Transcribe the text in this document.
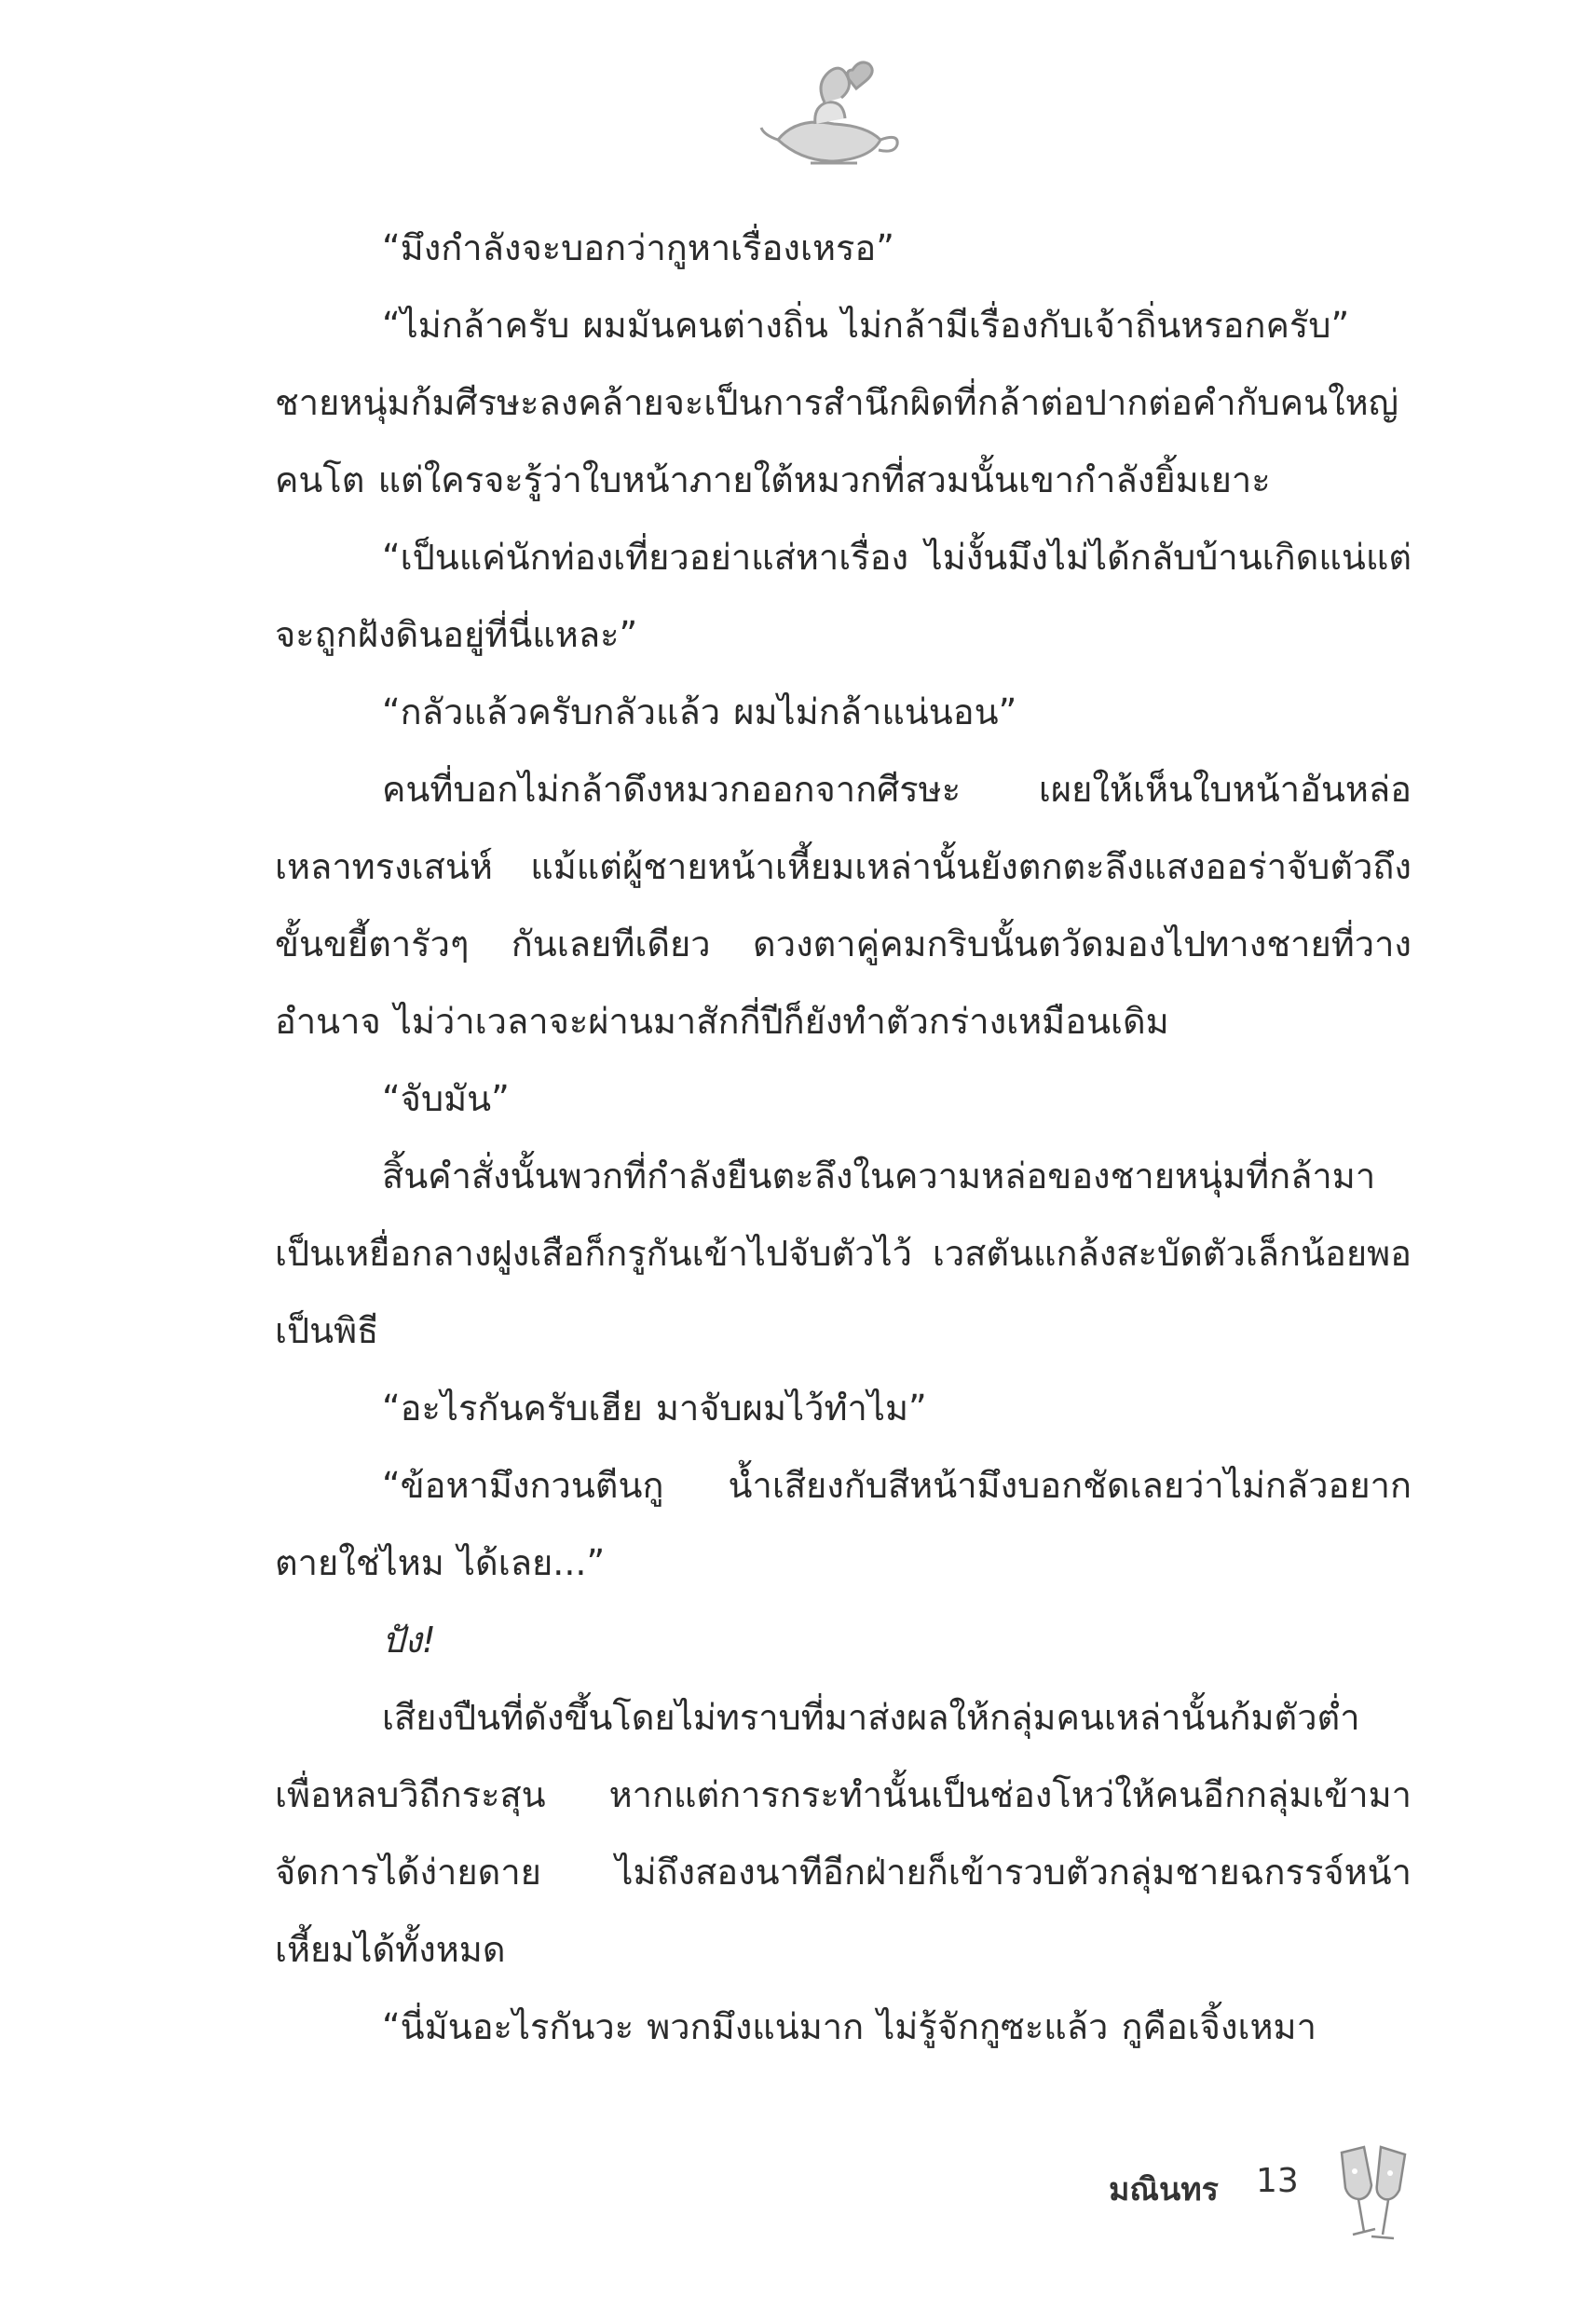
“มึงกำลังจะบอกว่ากูหาเรื่องเหรอ”

“ไม่กล้าครับ ผมมันคนต่างถิ่น ไม่กล้ามีเรื่องกับเจ้าถิ่นหรอกครับ”

ชายหนุ่มก้มศีรษะลงคล้ายจะเป็นการสำนึกผิดที่กล้าต่อปากต่อคำกับคนใหญ่คนโต แต่ใครจะรู้ว่าใบหน้าภายใต้หมวกที่สวมนั้นเขากำลังยิ้มเยาะ

“เป็นแค่นักท่องเที่ยวอย่าแส่หาเรื่อง ไม่งั้นมึงไม่ได้กลับบ้านเกิดแน่แต่จะถูกฝังดินอยู่ที่นี่แหละ”

“กลัวแล้วครับกลัวแล้ว ผมไม่กล้าแน่นอน”

คนที่บอกไม่กล้าดึงหมวกออกจากศีรษะ เผยให้เห็นใบหน้าอันหล่อเหลาทรงเสน่ห์ แม้แต่ผู้ชายหน้าเหี้ยมเหล่านั้นยังตกตะลึงแสงออร่าจับตัวถึงขั้นขยี้ตารัวๆ กันเลยทีเดียว ดวงตาคู่คมกริบนั้นตวัดมองไปทางชายที่วางอำนาจ ไม่ว่าเวลาจะผ่านมาสักกี่ปีก็ยังทำตัวกร่างเหมือนเดิม

“จับมัน”

สิ้นคำสั่งนั้นพวกที่กำลังยืนตะลึงในความหล่อของชายหนุ่มที่กล้ามาเป็นเหยื่อกลางฝูงเสือก็กรูกันเข้าไปจับตัวไว้ เวสตันแกล้งสะบัดตัวเล็กน้อยพอเป็นพิธี

“อะไรกันครับเฮีย มาจับผมไว้ทำไม”

“ข้อหามึงกวนตีนกู น้ำเสียงกับสีหน้ามึงบอกชัดเลยว่าไม่กลัวอยากตายใช่ไหม ได้เลย...”

ปัง!

เสียงปืนที่ดังขึ้นโดยไม่ทราบที่มาส่งผลให้กลุ่มคนเหล่านั้นก้มตัวต่ำเพื่อหลบวิถีกระสุน หากแต่การกระทำนั้นเป็นช่องโหว่ให้คนอีกกลุ่มเข้ามาจัดการได้ง่ายดาย ไม่ถึงสองนาทีอีกฝ่ายก็เข้ารวบตัวกลุ่มชายฉกรรจ์หน้าเหี้ยมได้ทั้งหมด

“นี่มันอะไรกันวะ พวกมึงแน่มาก ไม่รู้จักกูซะแล้ว กูคือเจิ้งเหมา

มณินทร 13
